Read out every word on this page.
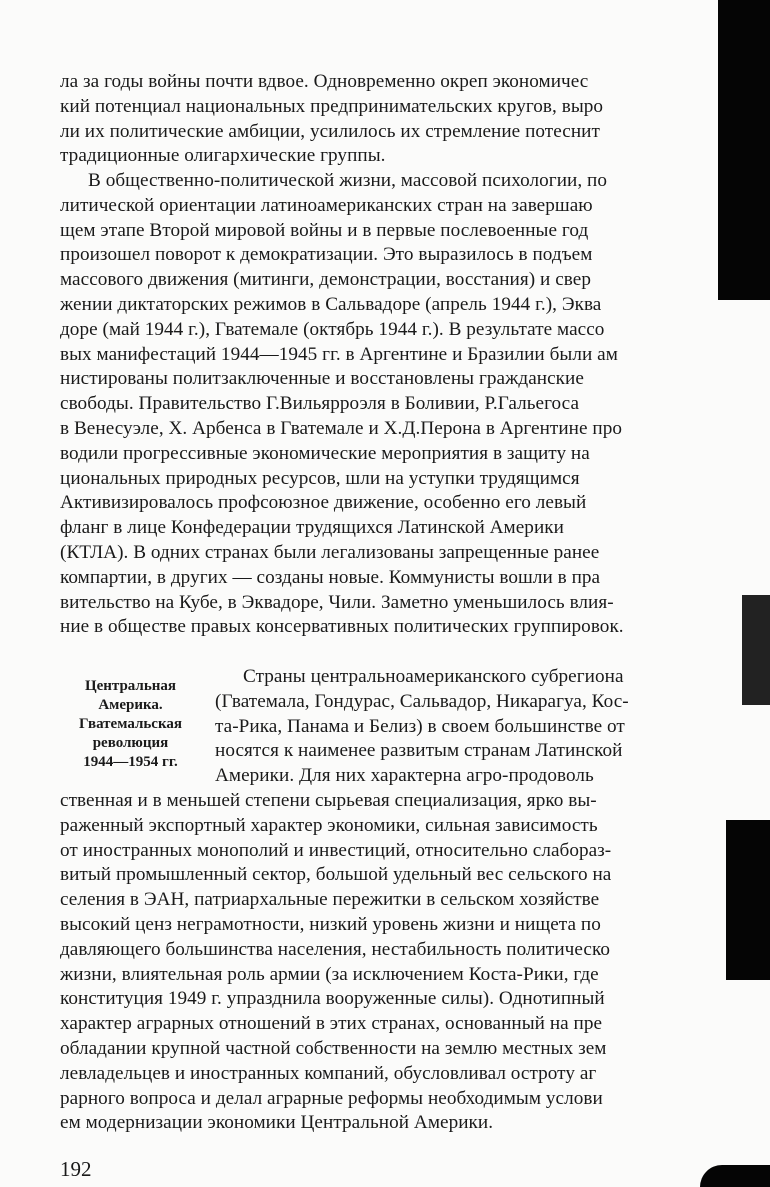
ла за годы войны почти вдвое. Одновременно окреп экономичес
кий потенциал национальных предпринимательских кругов, выро
ли их политические амбиции, усилилось их стремление потеснит
традиционные олигархические группы.
В общественно-политической жизни, массовой психологии, по
литической ориентации латиноамериканских стран на завершаю
щем этапе Второй мировой войны и в первые послевоенные год
произошел поворот к демократизации. Это выразилось в подъем
массового движения (митинги, демонстрации, восстания) и свер
жении диктаторских режимов в Сальвадоре (апрель 1944 г.), Эква
доре (май 1944 г.), Гватемале (октябрь 1944 г.). В результате массо
вых манифестаций 1944—1945 гг. в Аргентине и Бразилии были ам
нистированы политзаключенные и восстановлены гражданские
свободы. Правительство Г.Вильярроэля в Боливии, Р.Гальегоса
в Венесуэле, Х. Арбенса в Гватемале и Х.Д.Перона в Аргентине про
водили прогрессивные экономические мероприятия в защиту на
циональных природных ресурсов, шли на уступки трудящимся
Активизировалось профсоюзное движение, особенно его левый
фланг в лице Конфедерации трудящихся Латинской Америки
(КТЛА). В одних странах были легализованы запрещенные ранее
компартии, в других — созданы новые. Коммунисты вошли в пра
вительство на Кубе, в Эквадоре, Чили. Заметно уменьшилось влия-
ние в обществе правых консервативных политических группировок.
Центральная
Америка.
Гватемальская
революция
1944—1954 гг.
Страны центральноамериканского субрегиона
(Гватемала, Гондурас, Сальвадор, Никарагуа, Кос-
та-Рика, Панама и Белиз) в своем большинстве от
носятся к наименее развитым странам Латинской
Америки. Для них характерна агро-продоволь
ственная и в меньшей степени сырьевая специализация, ярко вы-
раженный экспортный характер экономики, сильная зависимость
от иностранных монополий и инвестиций, относительно слабораз-
витый промышленный сектор, большой удельный вес сельского на
селения в ЭАН, патриархальные пережитки в сельском хозяйстве
высокий ценз неграмотности, низкий уровень жизни и нищета по
давляющего большинства населения, нестабильность политическо
жизни, влиятельная роль армии (за исключением Коста-Рики, где
конституция 1949 г. упразднила вооруженные силы). Однотипный
характер аграрных отношений в этих странах, основанный на пре
обладании крупной частной собственности на землю местных зем
левладельцев и иностранных компаний, обусловливал остроту аг
рарного вопроса и делал аграрные реформы необходимым услови
ем модернизации экономики Центральной Америки.
192
